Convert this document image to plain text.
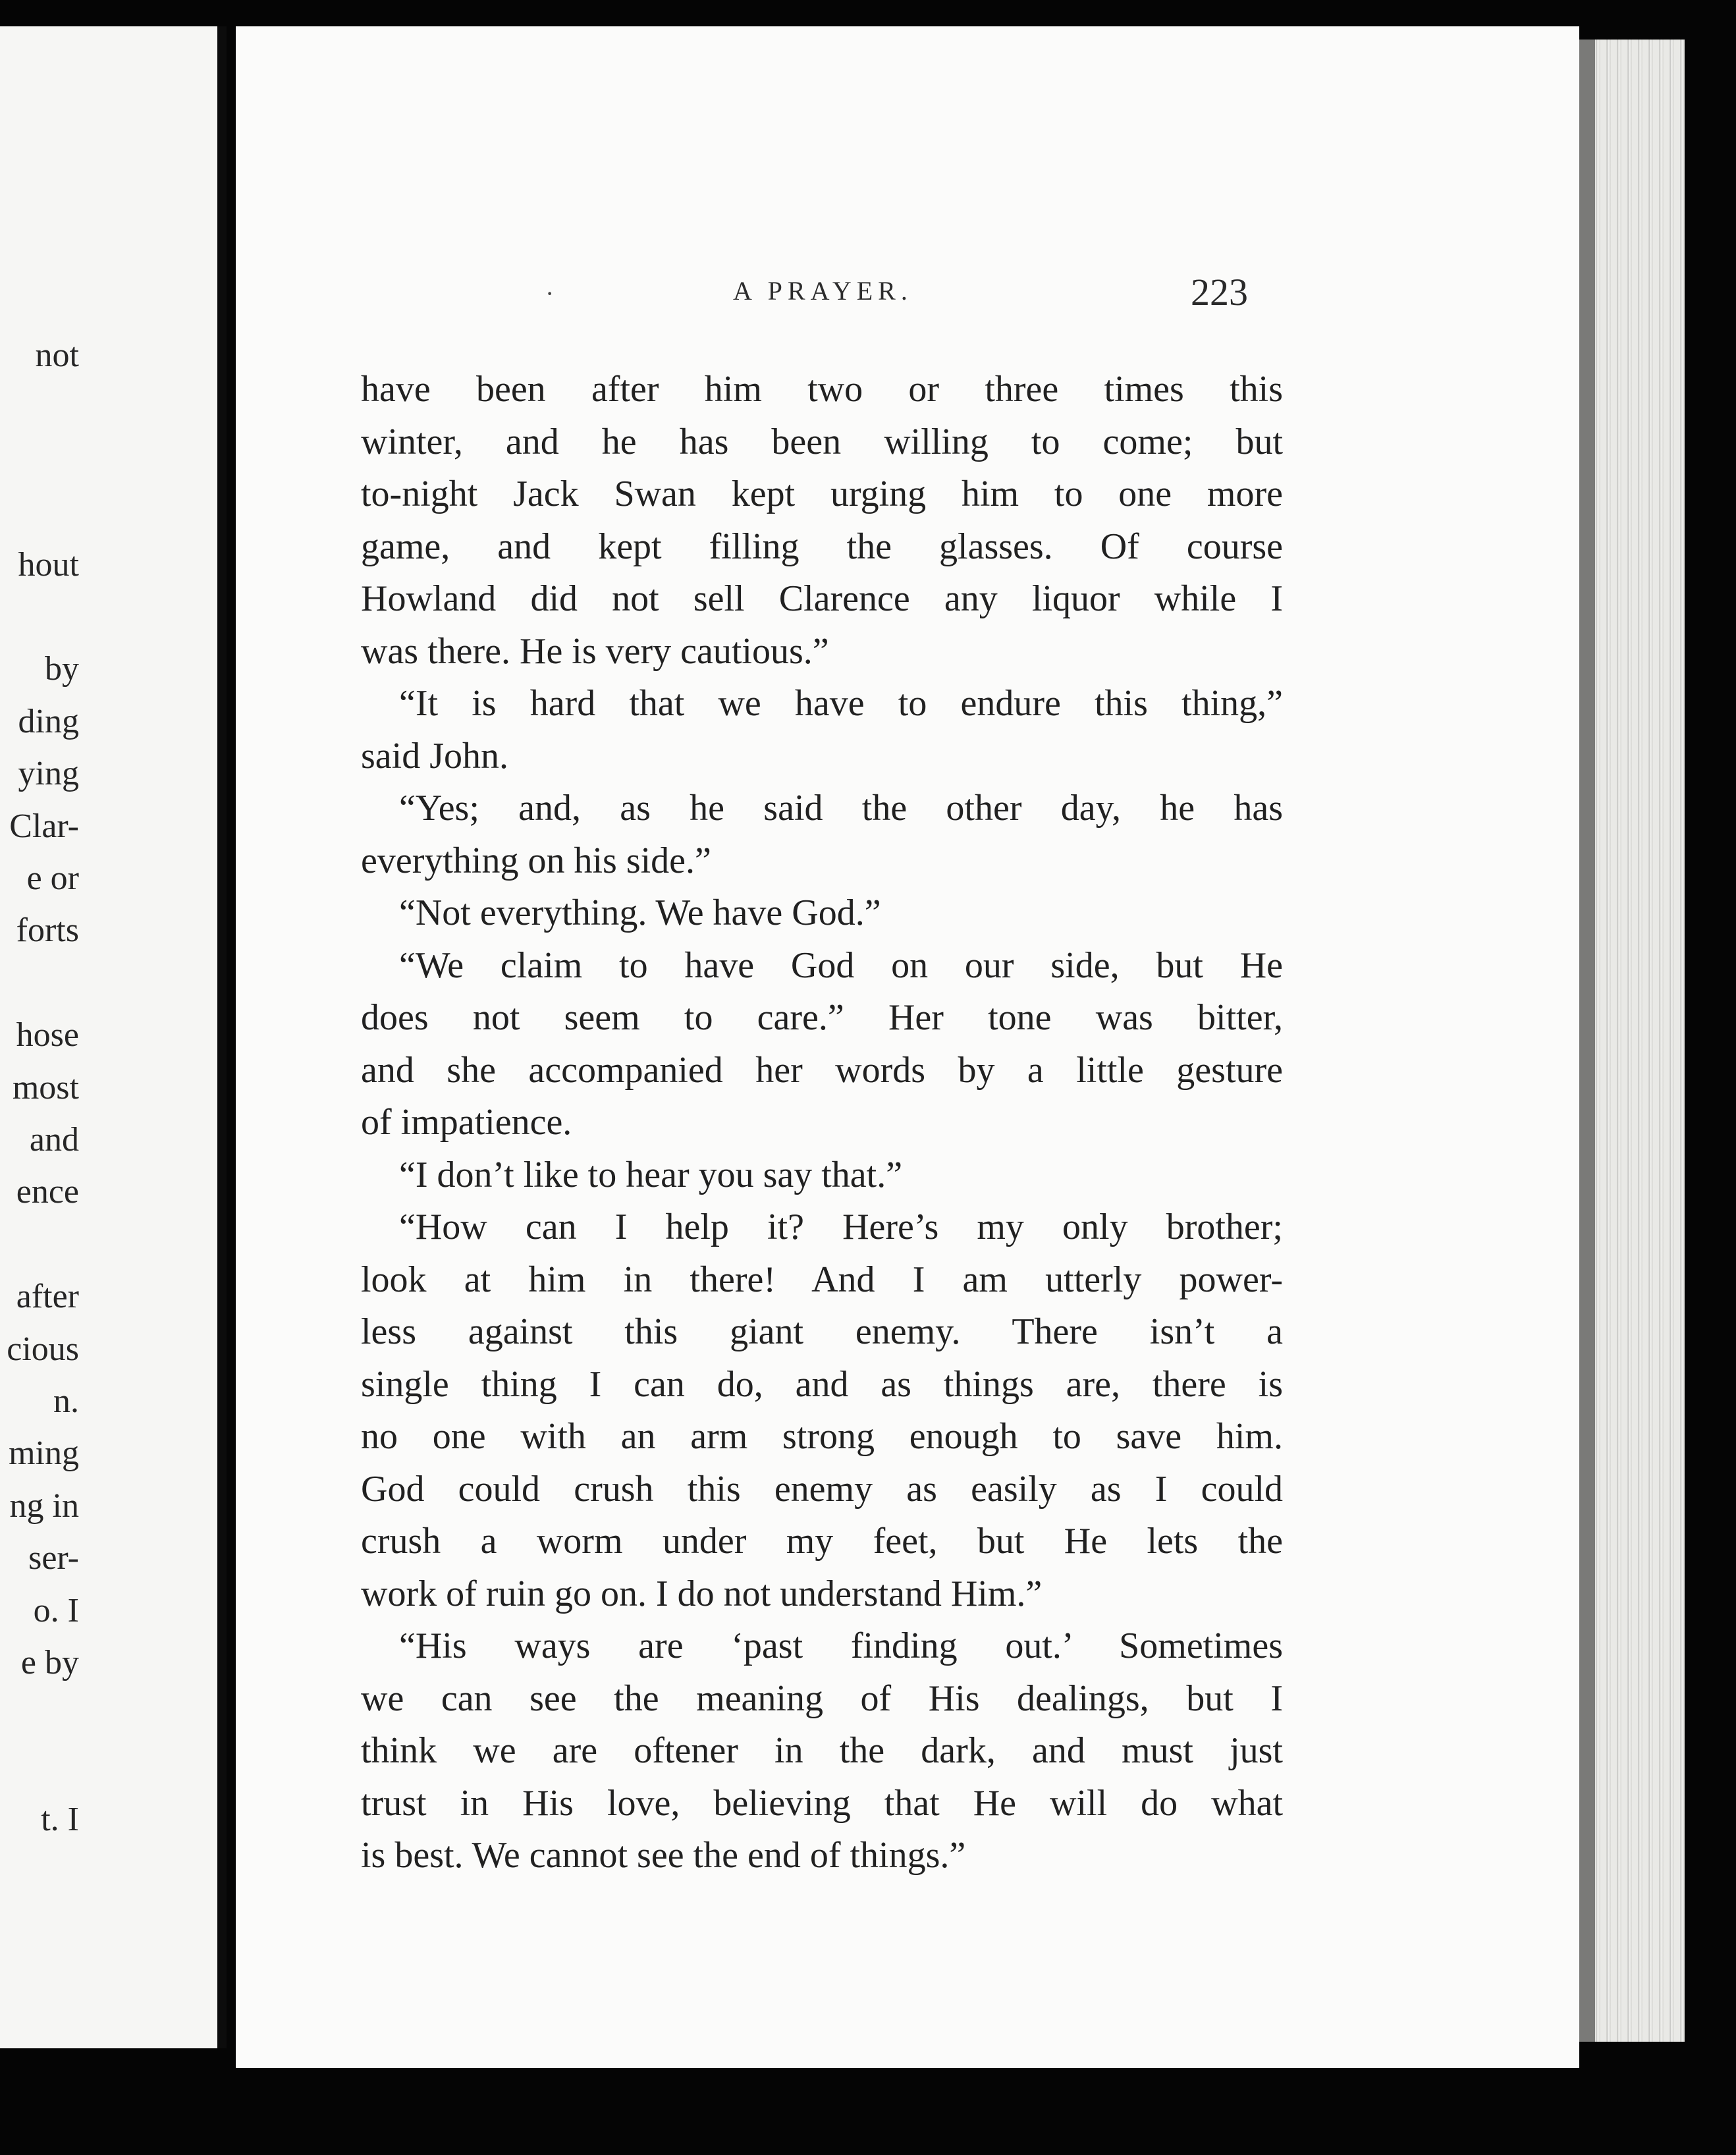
not
hout
by
ding
ying
Clar-
e or
forts
hose
most
and
ence
after
cious
n.
ming
ng in
ser-
o. I
e by
t. I
·	A PRAYER.	223
have been after him two or three times this
winter, and he has been willing to come; but
to-night Jack Swan kept urging him to one more
game, and kept filling the glasses. Of course
Howland did not sell Clarence any liquor while I
was there. He is very cautious.”
“It is hard that we have to endure this thing,”
said John.
“Yes; and, as he said the other day, he has
everything on his side.”
“Not everything. We have God.”
“We claim to have God on our side, but He
does not seem to care.” Her tone was bitter,
and she accompanied her words by a little gesture
of impatience.
“I don’t like to hear you say that.”
“How can I help it? Here’s my only brother;
look at him in there! And I am utterly power-
less against this giant enemy. There isn’t a
single thing I can do, and as things are, there is
no one with an arm strong enough to save him.
God could crush this enemy as easily as I could
crush a worm under my feet, but He lets the
work of ruin go on. I do not understand Him.”
“His ways are ‘past finding out.’ Sometimes
we can see the meaning of His dealings, but I
think we are oftener in the dark, and must just
trust in His love, believing that He will do what
is best. We cannot see the end of things.”
